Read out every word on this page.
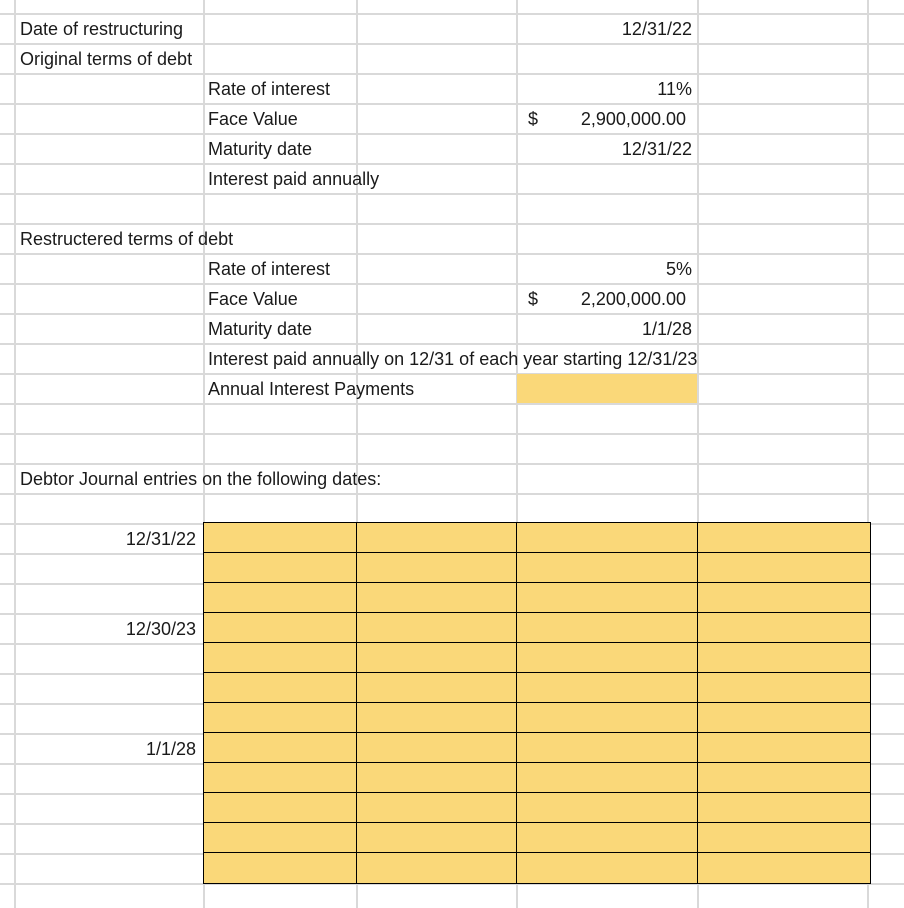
Date of restructuring	12/31/22
Original terms of debt
Rate of interest	11%
Face Value	$ 2,900,000.00
Maturity date	12/31/22
Interest paid annually
Restructered terms of debt
Rate of interest	5%
Face Value	$ 2,200,000.00
Maturity date	1/1/28
Interest paid annually on 12/31 of each year starting 12/31/23
Annual Interest Payments
Debtor Journal entries on the following dates:
12/31/22
12/30/23
1/1/28
